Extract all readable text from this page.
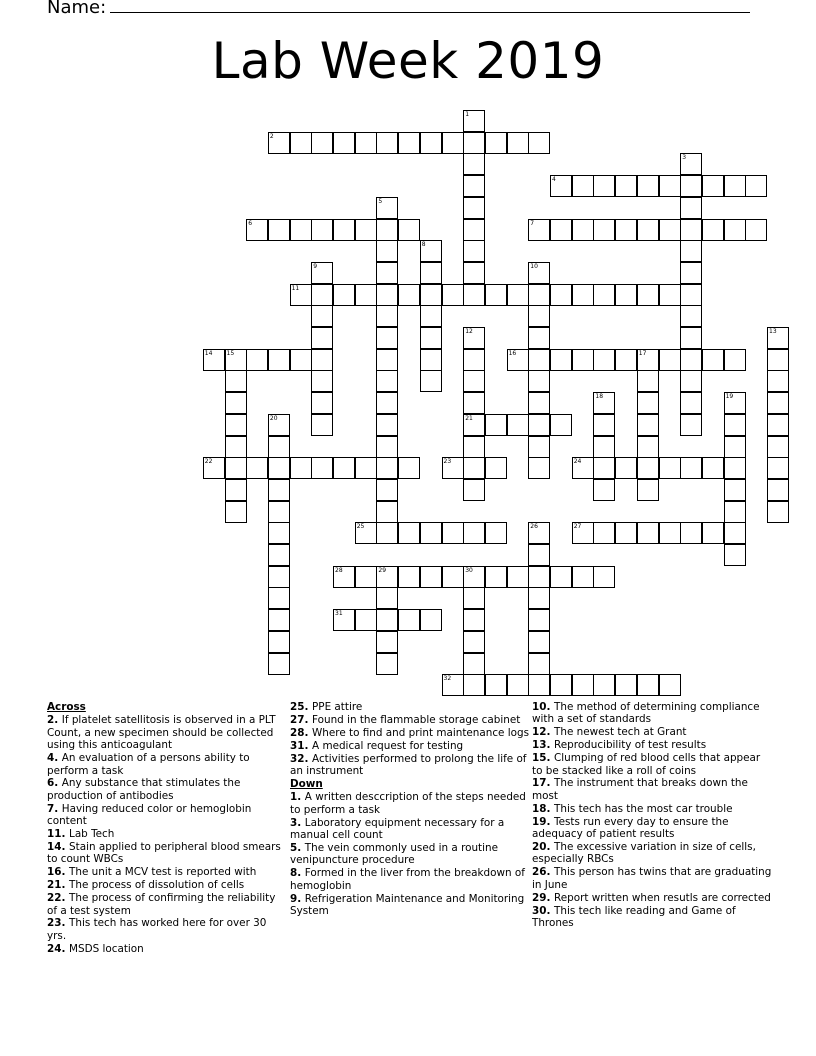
Name:
Lab Week 2019
1
2
3
4
5
6	7
8
9	10
11
12
21
13
14 15	16	17
18	19
20
22	23	24
25	26	27
28	29	30
31
32
Across
2. If platelet satellitosis is observed in a PLT Count, a new specimen should be collected using this anticoagulant
4. An evaluation of a persons ability to perform a task
6. Any substance that stimulates the production of antibodies
7. Having reduced color or hemoglobin content
11. Lab Tech
14. Stain applied to peripheral blood smears to count WBCs
16. The unit a MCV test is reported with
21. The process of dissolution of cells
22. The process of confirming the reliability of a test system
23. This tech has worked here for over 30 yrs.
24. MSDS location
25. PPE attire
27. Found in the flammable storage cabinet
28. Where to find and print maintenance logs
31. A medical request for testing
32. Activities performed to prolong the life of an instrument
Down
1. A written desccription of the steps needed to perform a task
3. Laboratory equipment necessary for a manual cell count
5. The vein commonly used in a routine venipuncture procedure
8. Formed in the liver from the breakdown of hemoglobin
9. Refrigeration Maintenance and Monitoring System
10. The method of determining compliance with a set of standards
12. The newest tech at Grant
13. Reproducibility of test results
15. Clumping of red blood cells that appear to be stacked like a roll of coins
17. The instrument that breaks down the most
18. This tech has the most car trouble
19. Tests run every day to ensure the adequacy of patient results
20. The excessive variation in size of cells, especially RBCs
26. This person has twins that are graduating in June
29. Report written when resutls are corrected
30. This tech like reading and Game of Thrones
